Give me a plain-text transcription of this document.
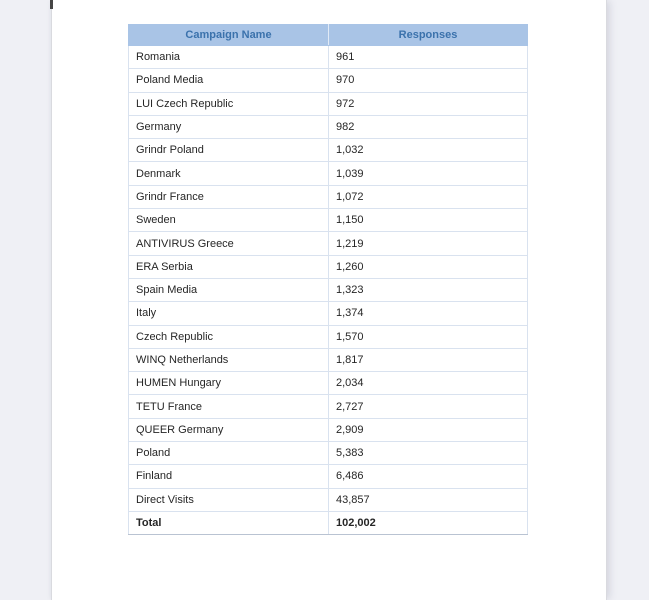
Campaign Name	Responses
Romania	961
Poland Media	970
LUI Czech Republic	972
Germany	982
Grindr Poland	1,032
Denmark	1,039
Grindr France	1,072
Sweden	1,150
ANTIVIRUS Greece	1,219
ERA Serbia	1,260
Spain Media	1,323
Italy	1,374
Czech Republic	1,570
WINQ Netherlands	1,817
HUMEN Hungary	2,034
TETU France	2,727
QUEER Germany	2,909
Poland	5,383
Finland	6,486
Direct Visits	43,857
Total	102,002
